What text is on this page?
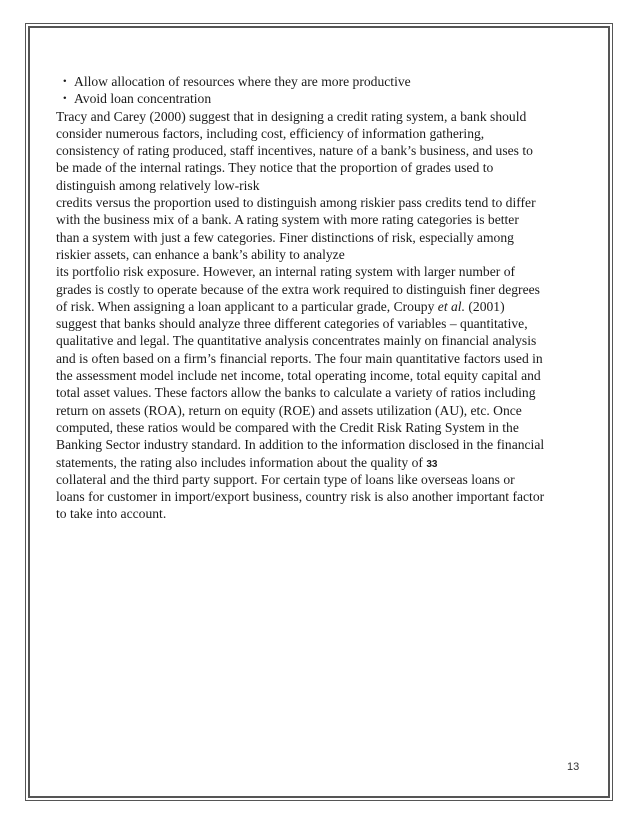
・ Allow allocation of resources where they are more productive
・ Avoid loan concentration
Tracy and Carey (2000) suggest that in designing a credit rating system, a bank should
consider numerous factors, including cost, efficiency of information gathering,
consistency of rating produced, staff incentives, nature of a bank’s business, and uses to
be made of the internal ratings. They notice that the proportion of grades used to
distinguish among relatively low-risk
credits versus the proportion used to distinguish among riskier pass credits tend to differ
with the business mix of a bank. A rating system with more rating categories is better
than a system with just a few categories. Finer distinctions of risk, especially among
riskier assets, can enhance a bank’s ability to analyze
its portfolio risk exposure. However, an internal rating system with larger number of
grades is costly to operate because of the extra work required to distinguish finer degrees
of risk. When assigning a loan applicant to a particular grade, Croupy et al. (2001)
suggest that banks should analyze three different categories of variables – quantitative,
qualitative and legal. The quantitative analysis concentrates mainly on financial analysis
and is often based on a firm’s financial reports. The four main quantitative factors used in
the assessment model include net income, total operating income, total equity capital and
total asset values. These factors allow the banks to calculate a variety of ratios including
return on assets (ROA), return on equity (ROE) and assets utilization (AU), etc. Once
computed, these ratios would be compared with the Credit Risk Rating System in the
Banking Sector industry standard. In addition to the information disclosed in the financial
statements, the rating also includes information about the quality of 33
collateral and the third party support. For certain type of loans like overseas loans or
loans for customer in import/export business, country risk is also another important factor
to take into account.
13
